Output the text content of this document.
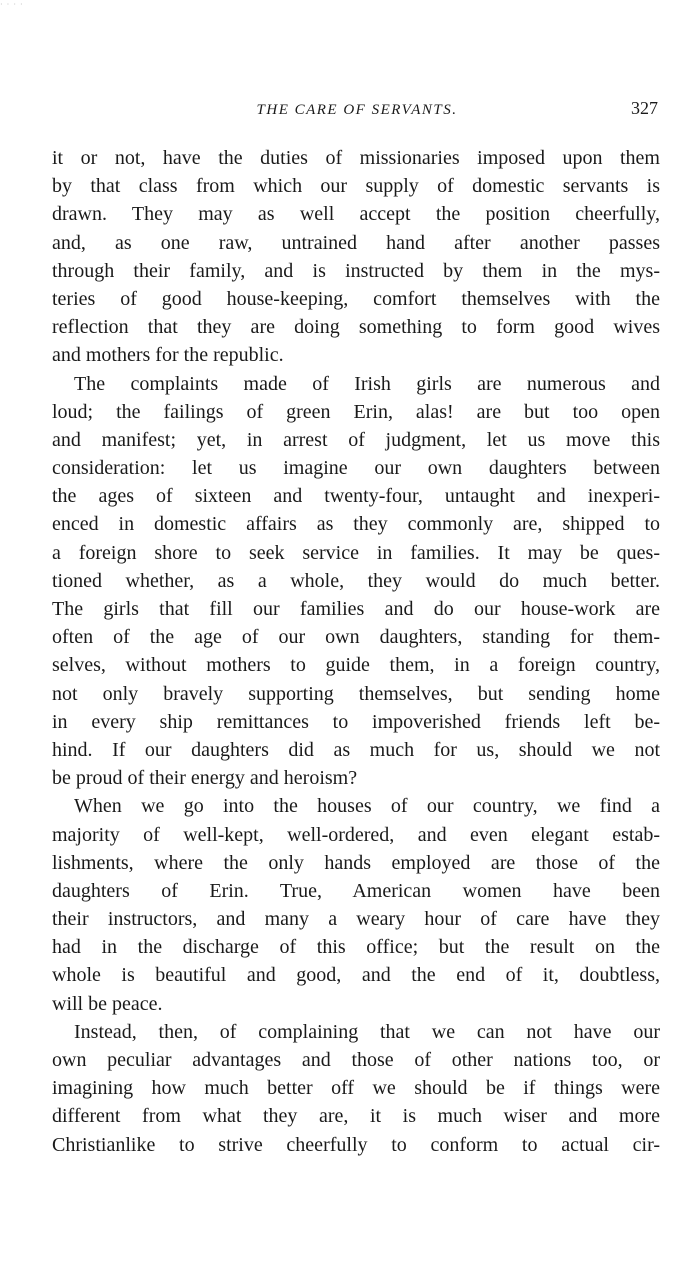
· · · ·
THE CARE OF SERVANTS.	327
it or not, have the duties of missionaries imposed upon them
by that class from which our supply of domestic servants is
drawn. They may as well accept the position cheerfully,
and, as one raw, untrained hand after another passes
through their family, and is instructed by them in the mys-
teries of good house-keeping, comfort themselves with the
reflection that they are doing something to form good wives
and mothers for the republic.
The complaints made of Irish girls are numerous and
loud; the failings of green Erin, alas! are but too open
and manifest; yet, in arrest of judgment, let us move this
consideration: let us imagine our own daughters between
the ages of sixteen and twenty-four, untaught and inexperi-
enced in domestic affairs as they commonly are, shipped to
a foreign shore to seek service in families. It may be ques-
tioned whether, as a whole, they would do much better.
The girls that fill our families and do our house-work are
often of the age of our own daughters, standing for them-
selves, without mothers to guide them, in a foreign country,
not only bravely supporting themselves, but sending home
in every ship remittances to impoverished friends left be-
hind. If our daughters did as much for us, should we not
be proud of their energy and heroism?
When we go into the houses of our country, we find a
majority of well-kept, well-ordered, and even elegant estab-
lishments, where the only hands employed are those of the
daughters of Erin. True, American women have been
their instructors, and many a weary hour of care have they
had in the discharge of this office; but the result on the
whole is beautiful and good, and the end of it, doubtless,
will be peace.
Instead, then, of complaining that we can not have our
own peculiar advantages and those of other nations too, or
imagining how much better off we should be if things were
different from what they are, it is much wiser and more
Christianlike to strive cheerfully to conform to actual cir-
